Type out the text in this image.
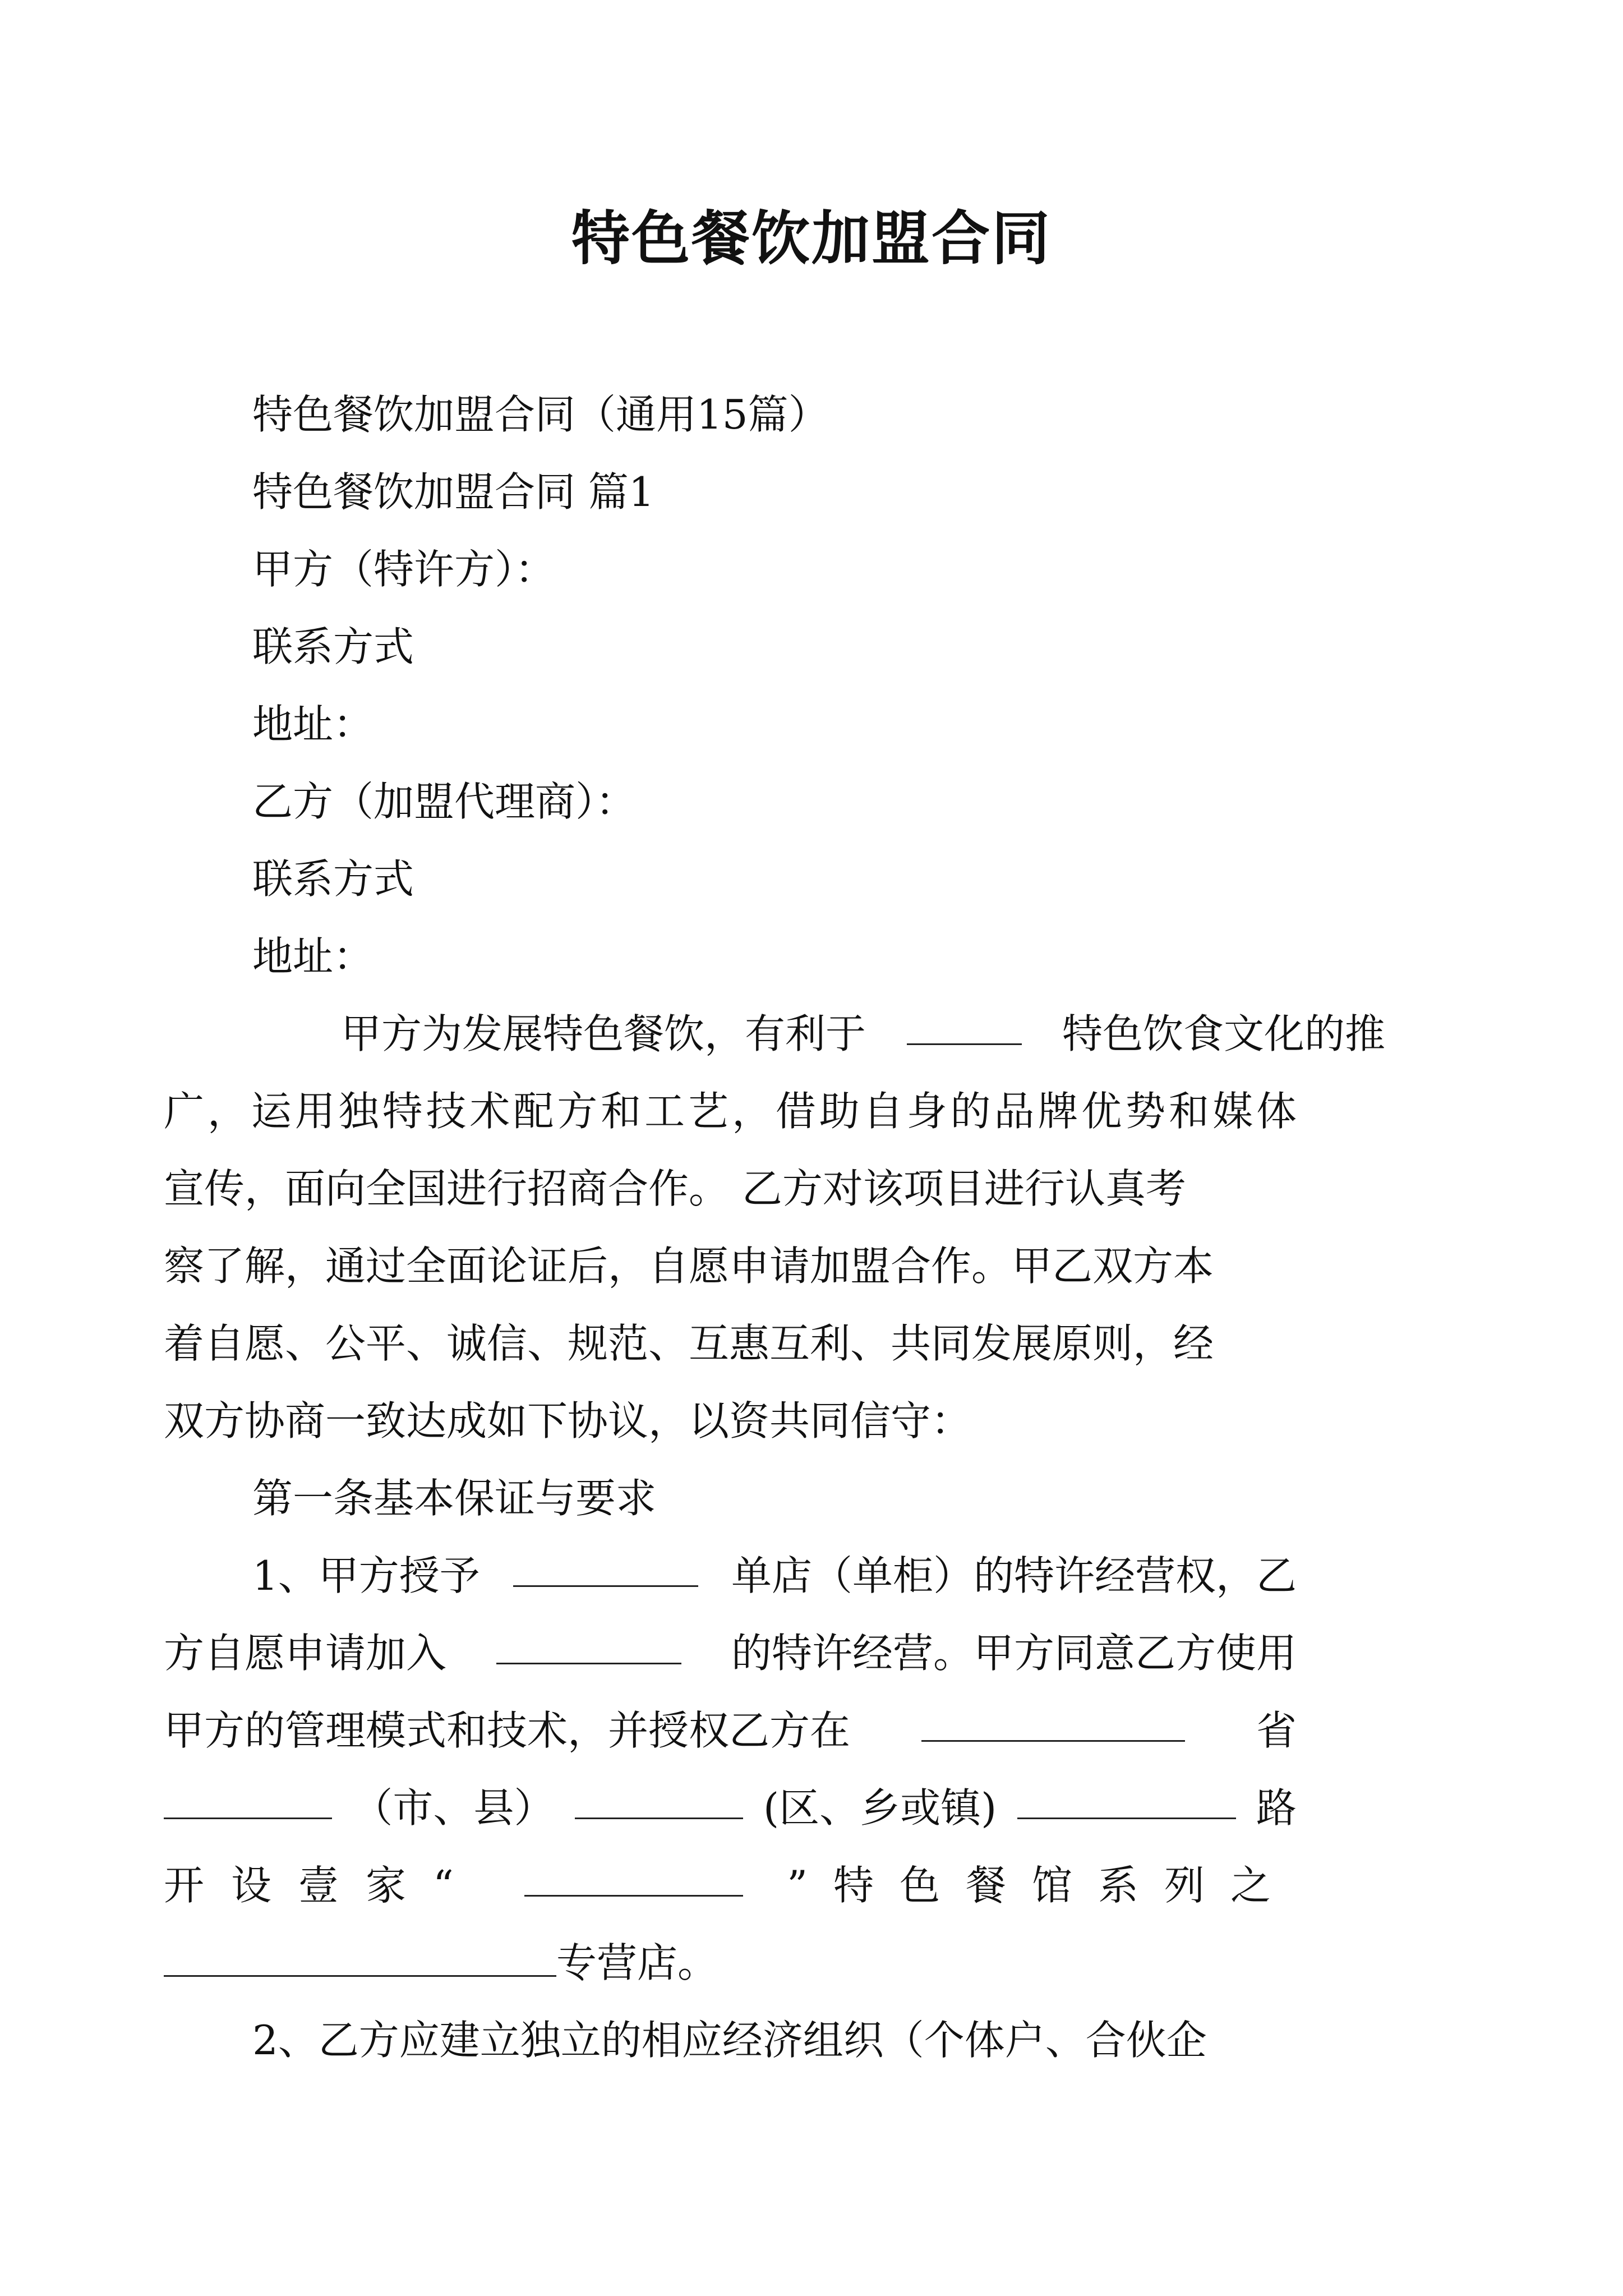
特色餐饮加盟合同
特色餐饮加盟合同（通用15篇）
特色餐饮加盟合同 篇1
甲方（特许方）：
联系方式
地址：
乙方（加盟代理商）：
联系方式
地址：
甲方为发展特色餐饮，有利于	特色饮食文化的推
广，运用独特技术配方和工艺，借助自身的品牌优势和媒体
宣传，面向全国进行招商合作。 乙方对该项目进行认真考
察了解，通过全面论证后，自愿申请加盟合作。甲乙双方本
着自愿、公平、诚信、规范、互惠互利、共同发展原则，经
双方协商一致达成如下协议，以资共同信守：
第一条基本保证与要求
1、甲方授予	单店（单柜）的特许经营权，乙
方自愿申请加入	的特许经营。甲方同意乙方使用
甲方的管理模式和技术，并授权乙方在	省
（市、县）	(区、乡或镇)	路
开设壹家“	”特色餐馆系列之
专营店。
2、乙方应建立独立的相应经济组织（个体户、合伙企
